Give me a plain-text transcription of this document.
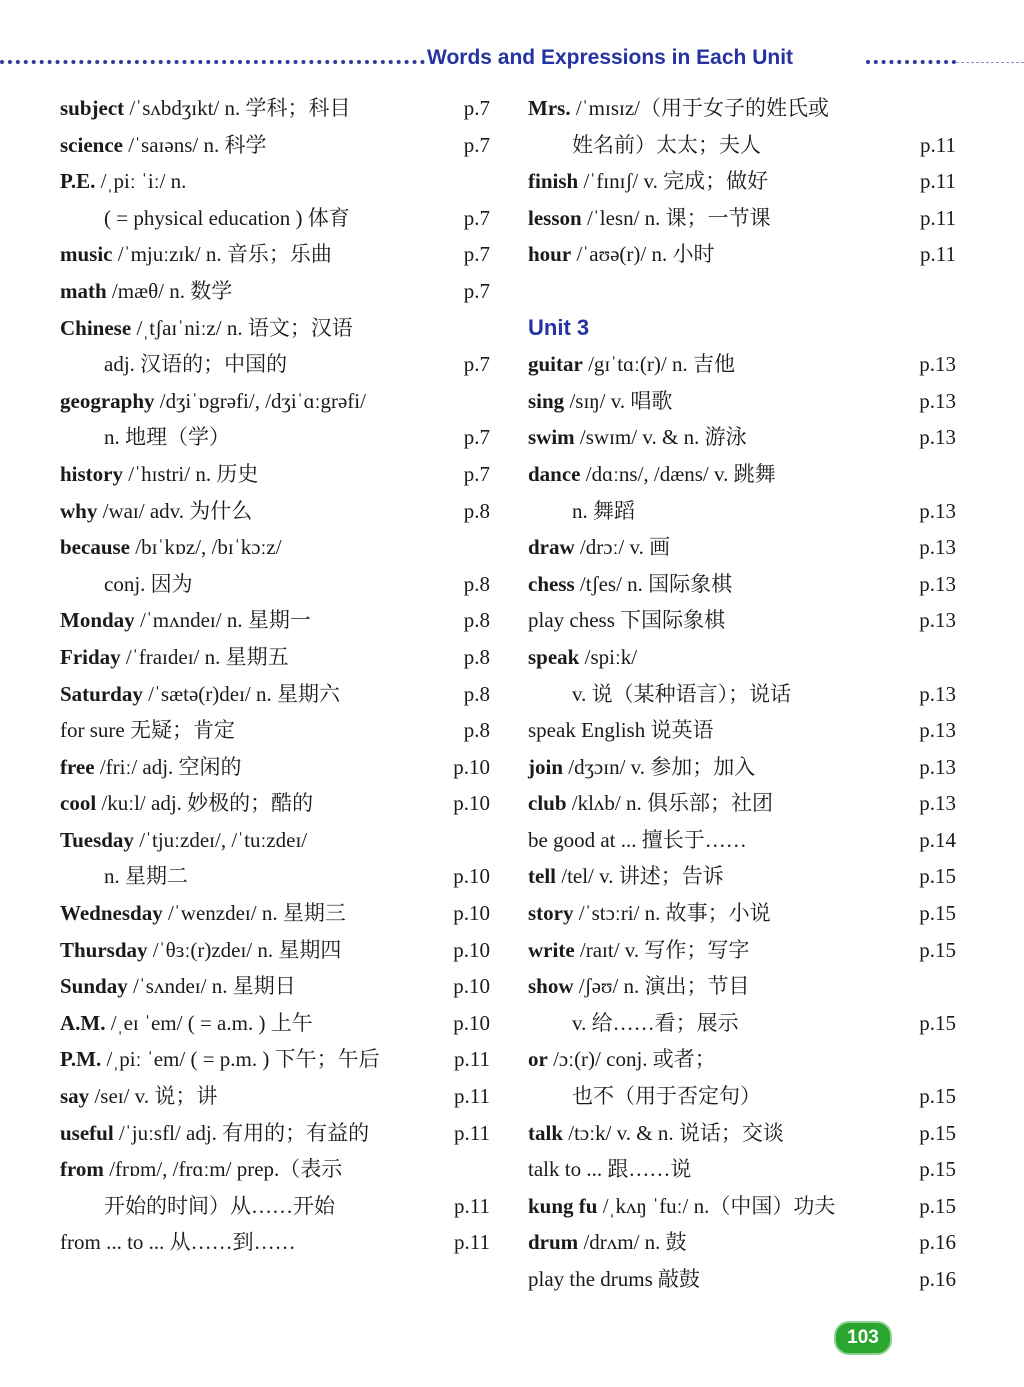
Words and Expressions in Each Unit
subject /ˈsʌbdʒɪkt/ n. 学科；科目	p.7
science /ˈsaɪəns/ n. 科学	p.7
P.E. /ˌpiː ˈiː/ n.
( = physical education ) 体育	p.7
music /ˈmjuːzɪk/ n. 音乐；乐曲	p.7
math /mæθ/ n. 数学	p.7
Chinese /ˌtʃaɪˈniːz/ n. 语文；汉语
adj. 汉语的；中国的	p.7
geography /dʒiˈɒgrəfi/, /dʒiˈɑːgrəfi/
n. 地理（学）	p.7
history /ˈhɪstri/ n. 历史	p.7
why /waɪ/ adv. 为什么	p.8
because /bɪˈkɒz/, /bɪˈkɔːz/
conj. 因为	p.8
Monday /ˈmʌndeɪ/ n. 星期一	p.8
Friday /ˈfraɪdeɪ/ n. 星期五	p.8
Saturday /ˈsætə(r)deɪ/ n. 星期六	p.8
for sure 无疑；肯定	p.8
free /friː/ adj. 空闲的	p.10
cool /kuːl/ adj. 妙极的；酷的	p.10
Tuesday /ˈtjuːzdeɪ/, /ˈtuːzdeɪ/
n. 星期二	p.10
Wednesday /ˈwenzdeɪ/ n. 星期三	p.10
Thursday /ˈθɜː(r)zdeɪ/ n. 星期四	p.10
Sunday /ˈsʌndeɪ/ n. 星期日	p.10
A.M. /ˌeɪ ˈem/ ( = a.m. ) 上午	p.10
P.M. /ˌpiː ˈem/ ( = p.m. ) 下午；午后	p.11
say /seɪ/ v. 说；讲	p.11
useful /ˈjuːsfl/ adj. 有用的；有益的	p.11
from /frɒm/, /frɑːm/ prep.（表示
开始的时间）从……开始	p.11
from ... to ... 从……到……	p.11
Mrs. /ˈmɪsɪz/（用于女子的姓氏或
姓名前）太太；夫人	p.11
finish /ˈfɪnɪʃ/ v. 完成；做好	p.11
lesson /ˈlesn/ n. 课；一节课	p.11
hour /ˈaʊə(r)/ n. 小时	p.11
Unit 3
guitar /gɪˈtɑː(r)/ n. 吉他	p.13
sing /sɪŋ/ v. 唱歌	p.13
swim /swɪm/ v. & n. 游泳	p.13
dance /dɑːns/, /dæns/ v. 跳舞
n. 舞蹈	p.13
draw /drɔː/ v. 画	p.13
chess /tʃes/ n. 国际象棋	p.13
play chess 下国际象棋	p.13
speak /spiːk/
v. 说（某种语言）；说话	p.13
speak English 说英语	p.13
join /dʒɔɪn/ v. 参加；加入	p.13
club /klʌb/ n. 俱乐部；社团	p.13
be good at ... 擅长于……	p.14
tell /tel/ v. 讲述；告诉	p.15
story /ˈstɔːri/ n. 故事；小说	p.15
write /raɪt/ v. 写作；写字	p.15
show /ʃəʊ/ n. 演出；节目
v. 给……看；展示	p.15
or /ɔː(r)/ conj. 或者；
也不（用于否定句）	p.15
talk /tɔːk/ v. & n. 说话；交谈	p.15
talk to ... 跟……说	p.15
kung fu /ˌkʌŋ ˈfuː/ n.（中国）功夫	p.15
drum /drʌm/ n. 鼓	p.16
play the drums 敲鼓	p.16
103
